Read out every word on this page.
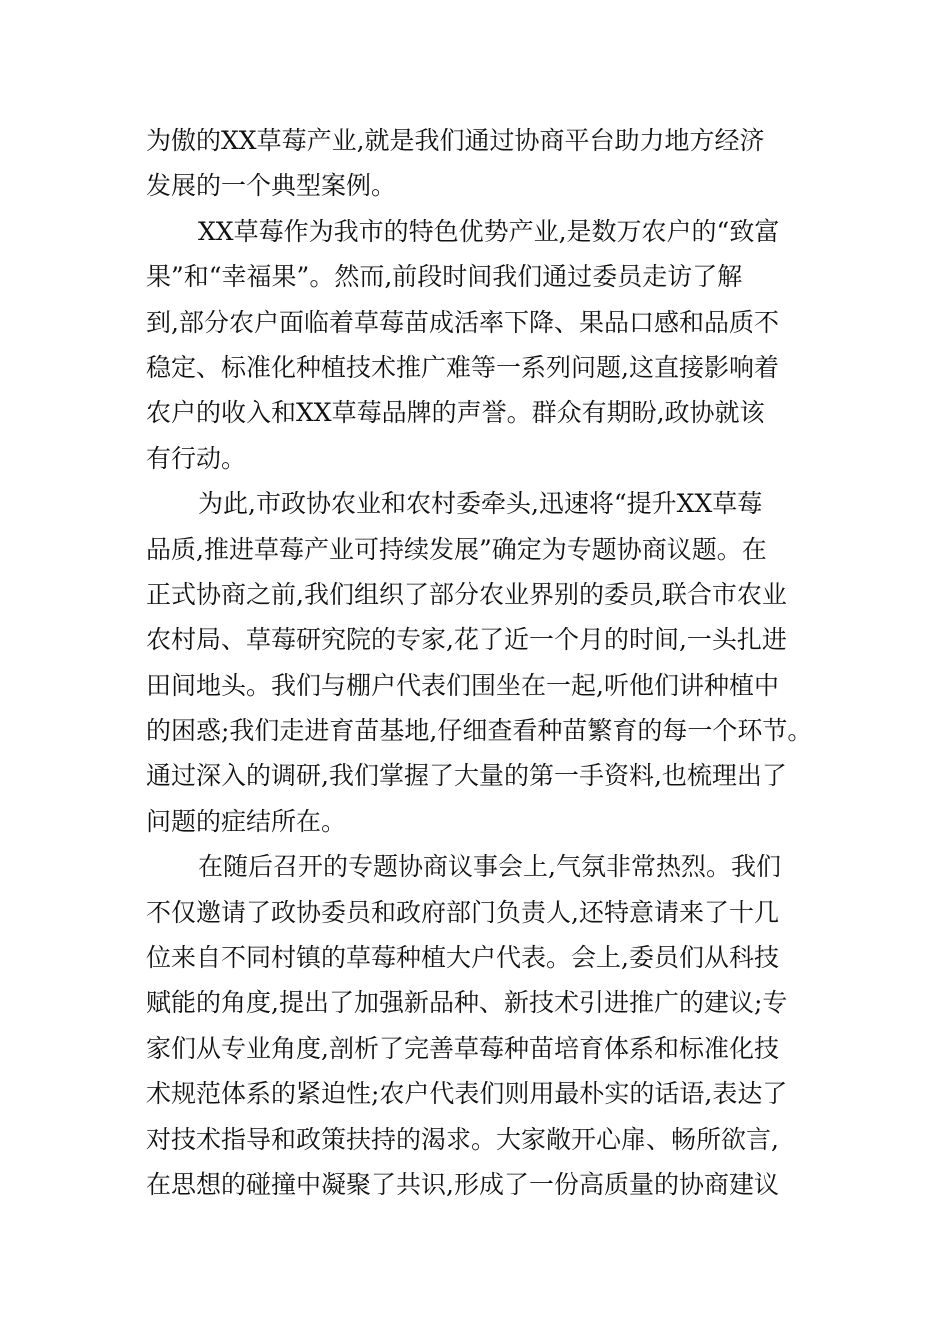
为傲的XX草莓产业,就是我们通过协商平台助力地方经济
发展的一个典型案例。
XX草莓作为我市的特色优势产业,是数万农户的“致富
果”和“幸福果”。然而,前段时间我们通过委员走访了解
到,部分农户面临着草莓苗成活率下降、果品口感和品质不
稳定、标准化种植技术推广难等一系列问题,这直接影响着
农户的收入和XX草莓品牌的声誉。群众有期盼,政协就该
有行动。
为此,市政协农业和农村委牵头,迅速将“提升XX草莓
品质,推进草莓产业可持续发展”确定为专题协商议题。在
正式协商之前,我们组织了部分农业界别的委员,联合市农业
农村局、草莓研究院的专家,花了近一个月的时间,一头扎进
田间地头。我们与棚户代表们围坐在一起,听他们讲种植中
的困惑;我们走进育苗基地,仔细查看种苗繁育的每一个环节。
通过深入的调研,我们掌握了大量的第一手资料,也梳理出了
问题的症结所在。
在随后召开的专题协商议事会上,气氛非常热烈。我们
不仅邀请了政协委员和政府部门负责人,还特意请来了十几
位来自不同村镇的草莓种植大户代表。会上,委员们从科技
赋能的角度,提出了加强新品种、新技术引进推广的建议;专
家们从专业角度,剖析了完善草莓种苗培育体系和标准化技
术规范体系的紧迫性;农户代表们则用最朴实的话语,表达了
对技术指导和政策扶持的渴求。大家敞开心扉、畅所欲言,
在思想的碰撞中凝聚了共识,形成了一份高质量的协商建议
